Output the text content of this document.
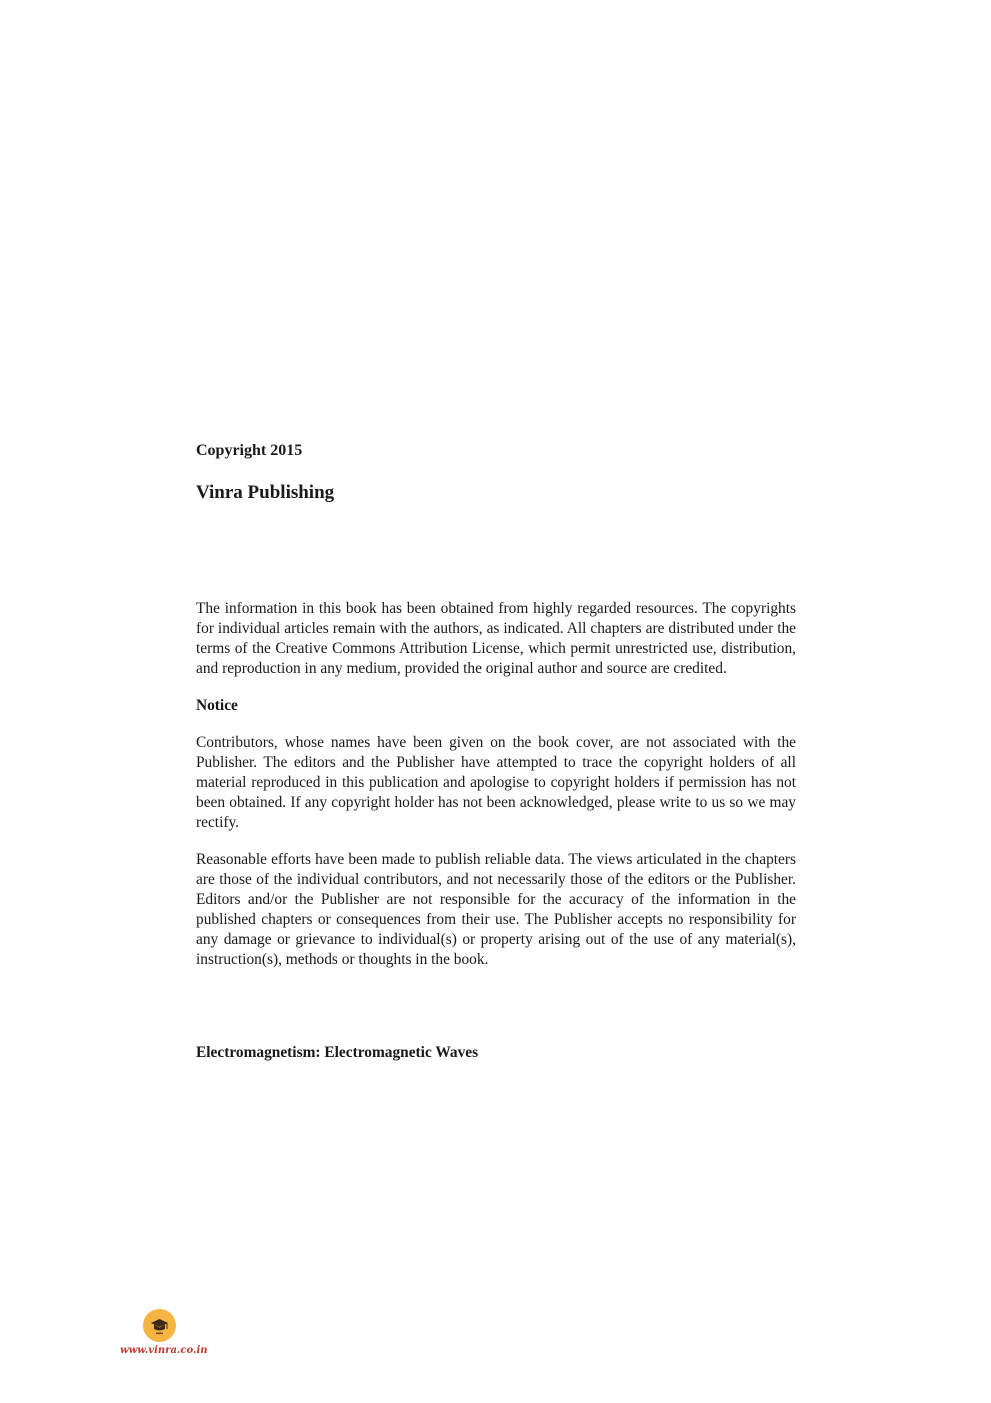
Copyright 2015
Vinra Publishing

The information in this book has been obtained from highly regarded resources. The copyrights for individual articles remain with the authors, as indicated. All chapters are distributed under the terms of the Creative Commons Attribution License, which permit unrestricted use, distribution, and reproduction in any medium, provided the original author and source are credited.

Notice

Contributors, whose names have been given on the book cover, are not associated with the Publisher. The editors and the Publisher have attempted to trace the copyright holders of all material reproduced in this publication and apologise to copyright holders if permission has not been obtained. If any copyright holder has not been acknowledged, please write to us so we may rectify.

Reasonable efforts have been made to publish reliable data. The views articulated in the chapters are those of the individual contributors, and not necessarily those of the editors or the Publisher. Editors and/or the Publisher are not responsible for the accuracy of the information in the published chapters or consequences from their use. The Publisher accepts no responsibility for any damage or grievance to individual(s) or property arising out of the use of any material(s), instruction(s), methods or thoughts in the book.

Electromagnetism: Electromagnetic Waves
www.vinra.co.in
